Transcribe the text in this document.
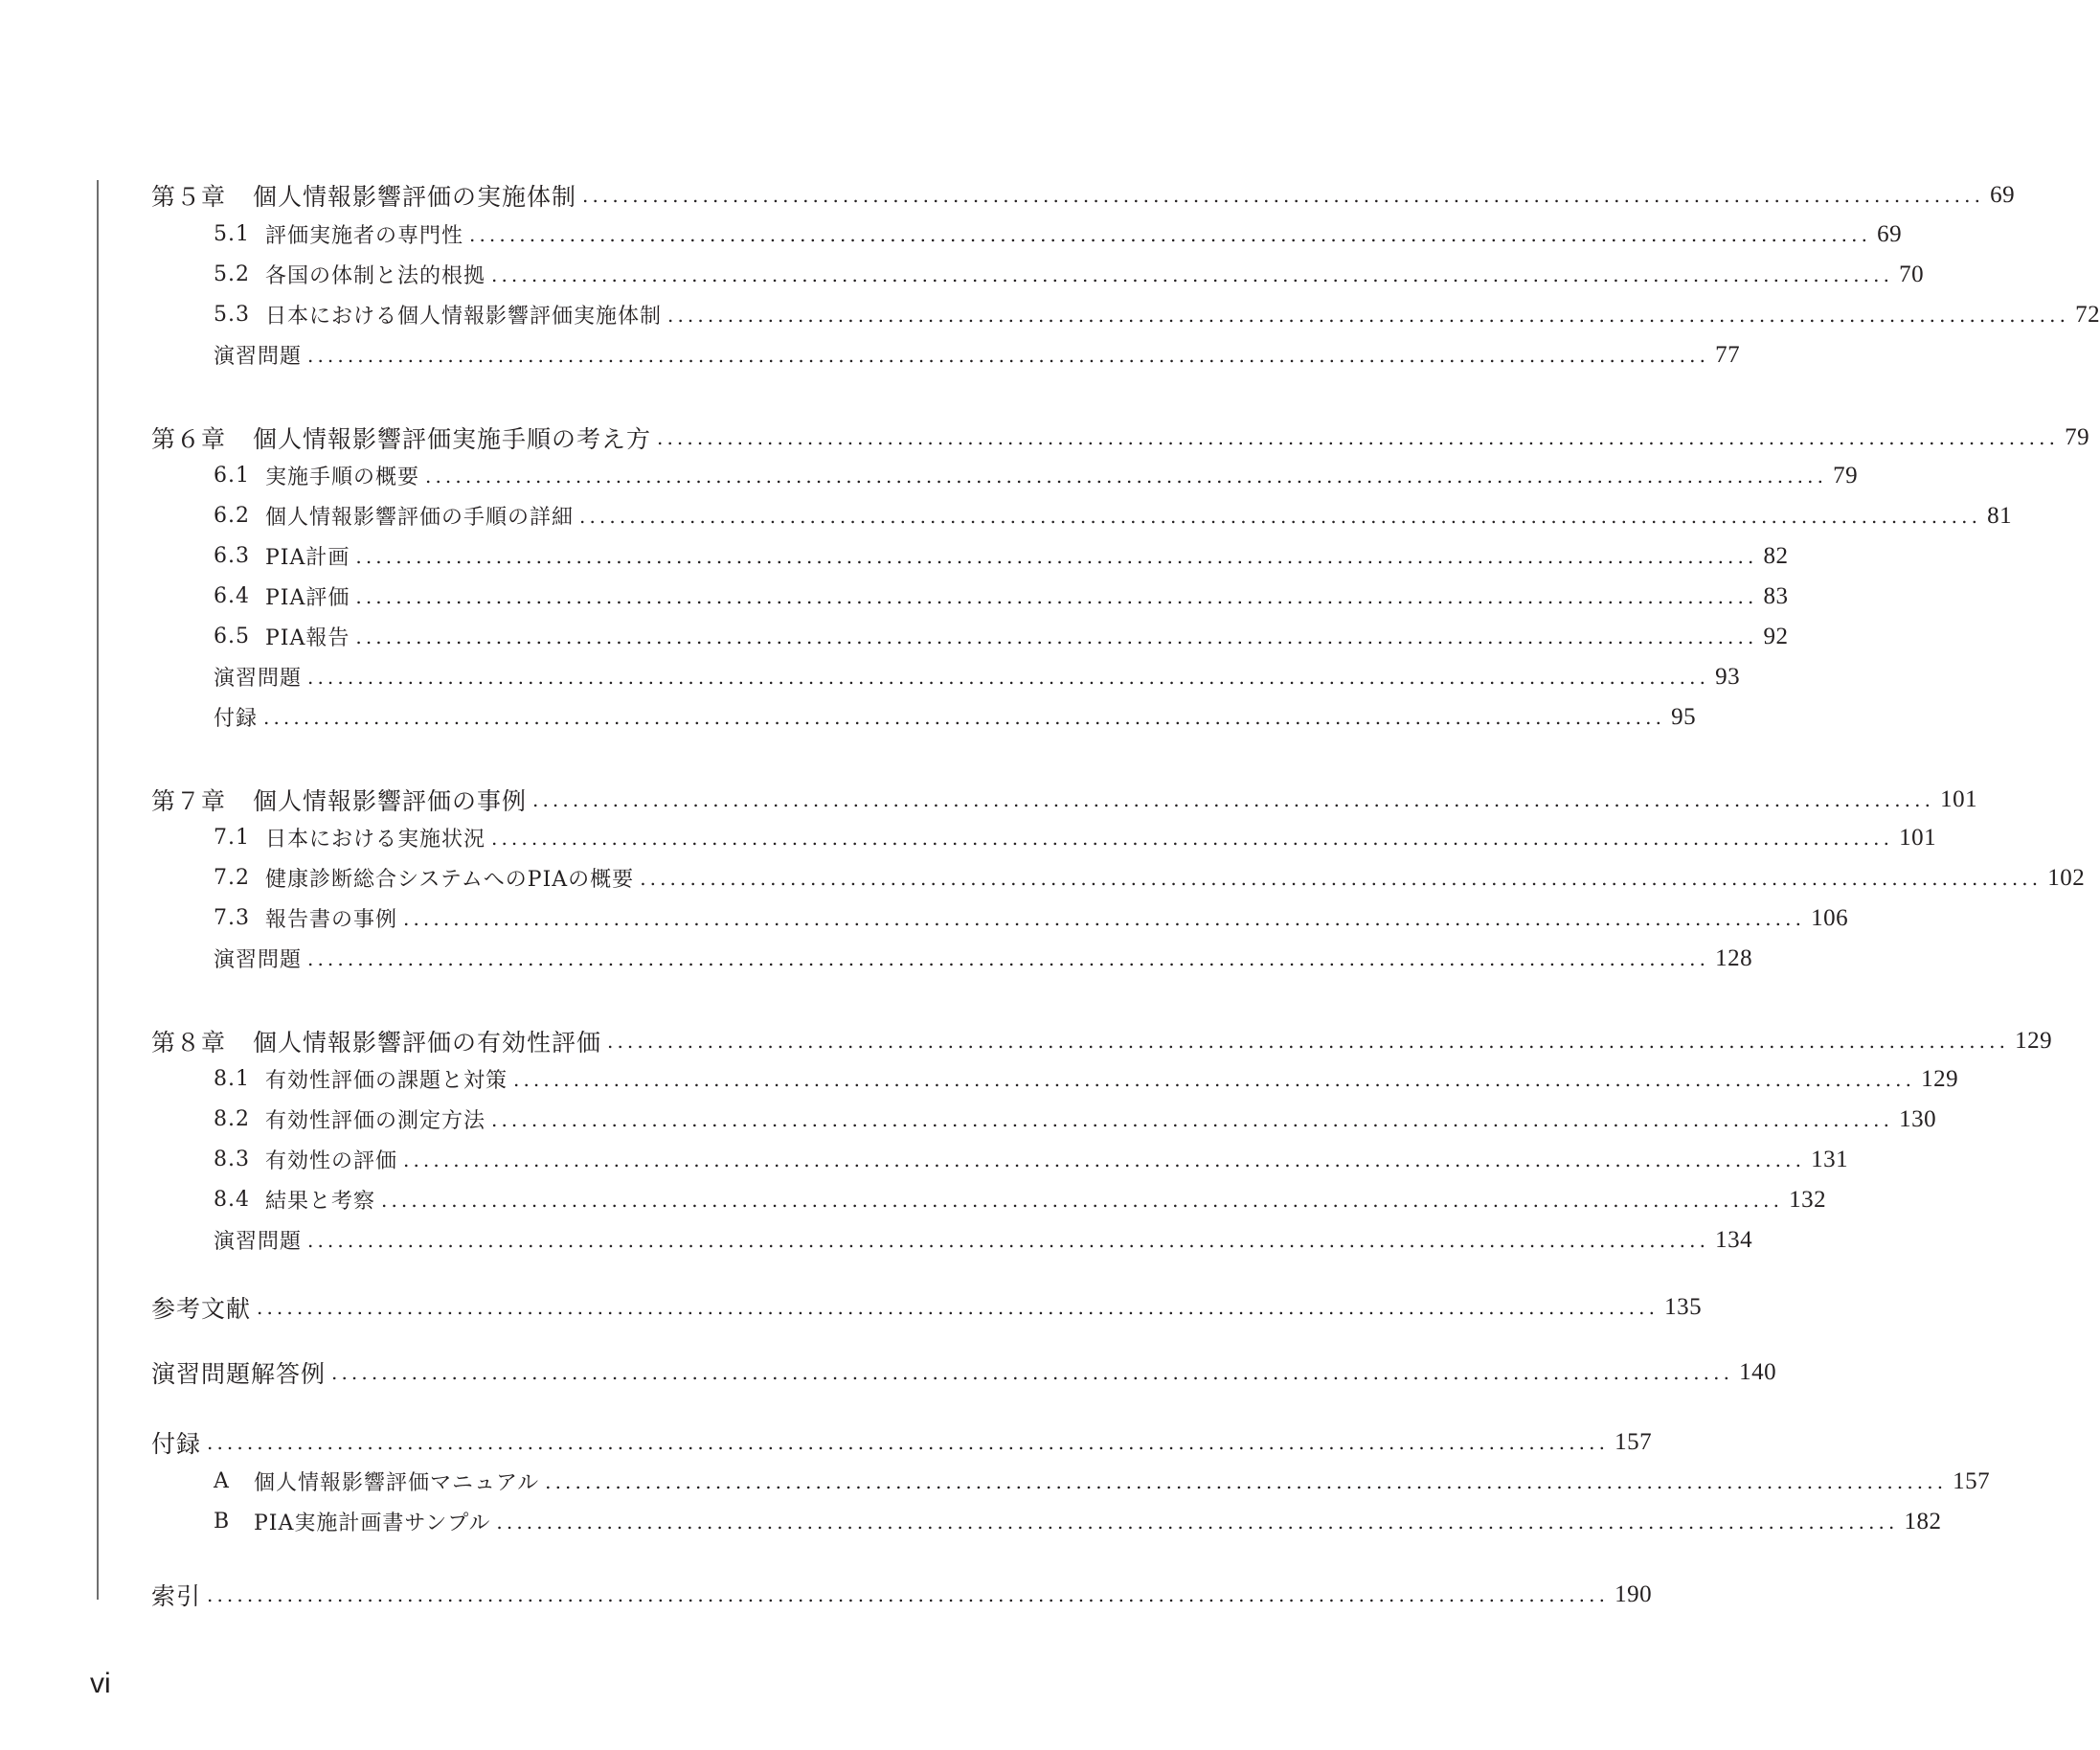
第５章	個人情報影響評価の実施体制 ............................................................................................................................................ 69
5.1 評価実施者の専門性 ............................................................................................................................................ 69
5.2 各国の体制と法的根拠 ............................................................................................................................................ 70
5.3 日本における個人情報影響評価実施体制 ............................................................................................................................................ 72
演習問題 ............................................................................................................................................ 77
第６章	個人情報影響評価実施手順の考え方 ............................................................................................................................................ 79
6.1 実施手順の概要 ............................................................................................................................................ 79
6.2 個人情報影響評価の手順の詳細 ............................................................................................................................................ 81
6.3 PIA計画 ............................................................................................................................................ 82
6.4 PIA評価 ............................................................................................................................................ 83
6.5 PIA報告 ............................................................................................................................................ 92
演習問題 ............................................................................................................................................ 93
付録 ............................................................................................................................................ 95
第７章	個人情報影響評価の事例 ............................................................................................................................................ 101
7.1 日本における実施状況 ............................................................................................................................................ 101
7.2 健康診断総合システムへのPIAの概要 ............................................................................................................................................ 102
7.3 報告書の事例 ............................................................................................................................................ 106
演習問題 ............................................................................................................................................ 128
第８章	個人情報影響評価の有効性評価 ............................................................................................................................................ 129
8.1 有効性評価の課題と対策 ............................................................................................................................................ 129
8.2 有効性評価の測定方法 ............................................................................................................................................ 130
8.3 有効性の評価 ............................................................................................................................................ 131
8.4 結果と考察 ............................................................................................................................................ 132
演習問題 ............................................................................................................................................ 134
参考文献 ............................................................................................................................................ 135
演習問題解答例 ............................................................................................................................................ 140
付録 ............................................................................................................................................ 157
A	個人情報影響評価マニュアル ............................................................................................................................................ 157
B	PIA実施計画書サンプル ............................................................................................................................................ 182
索引 ............................................................................................................................................ 190
vi
